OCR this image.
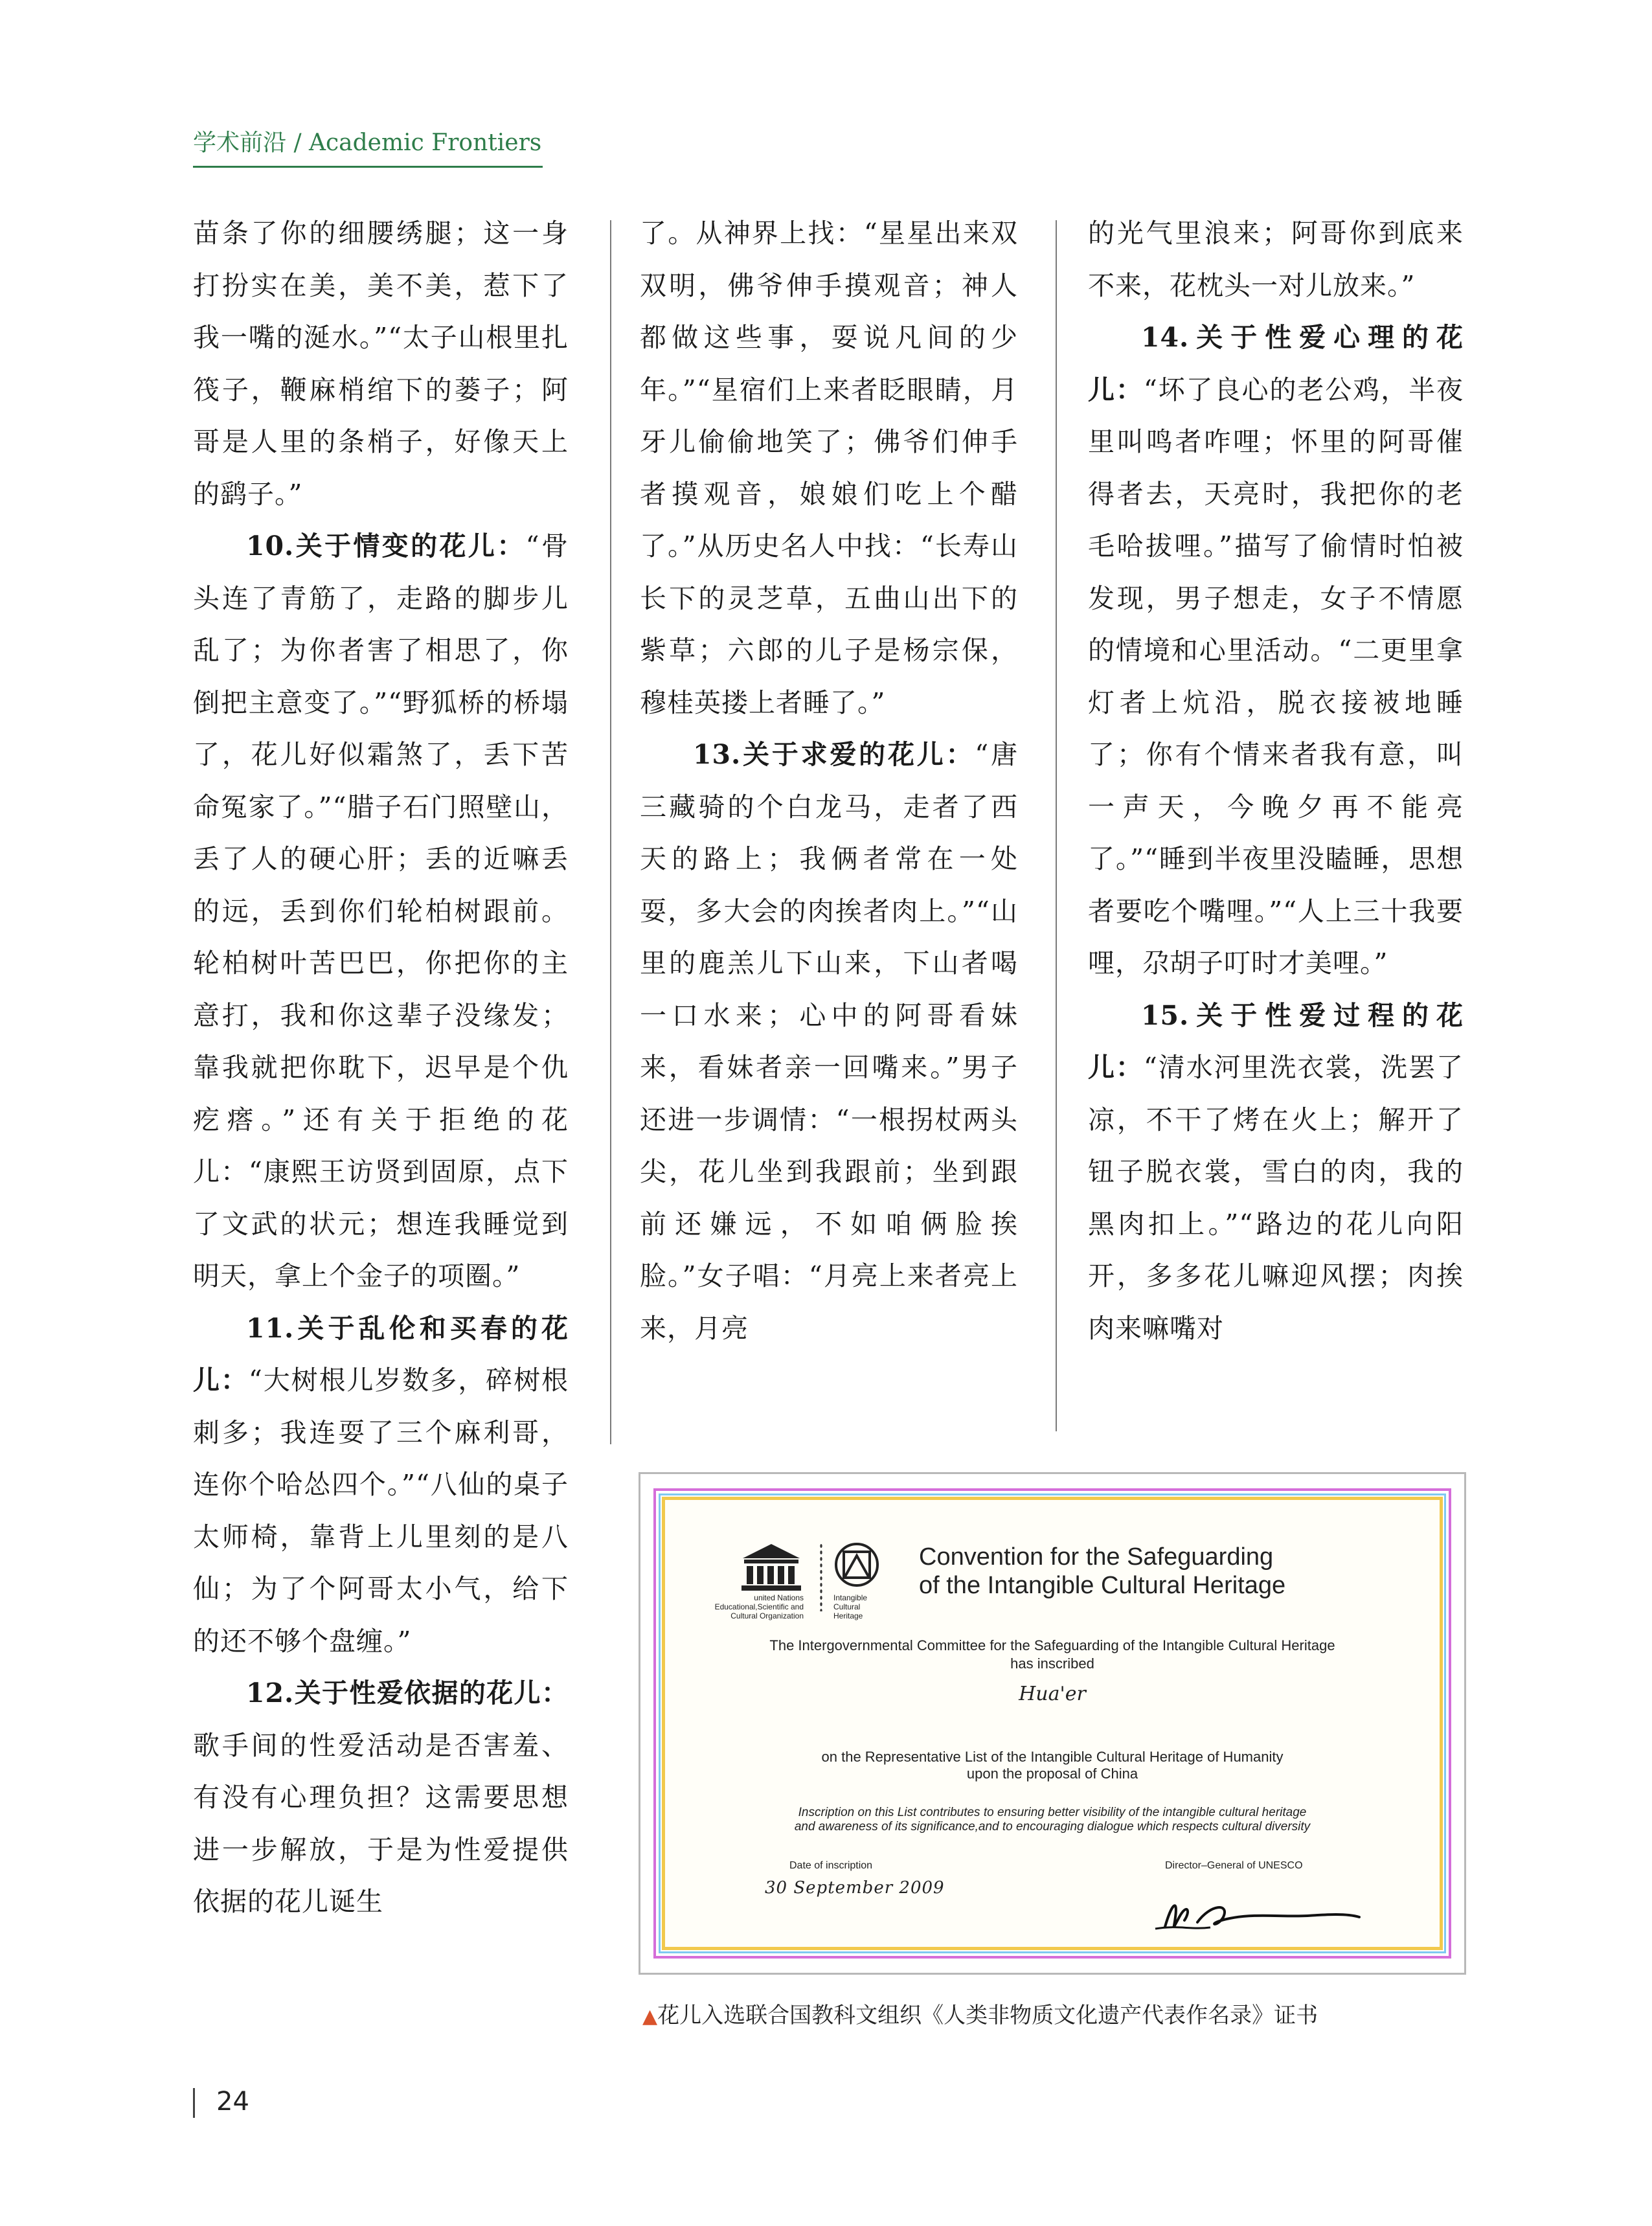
学术前沿 / Academic Frontiers

苗条了你的细腰绣腿；这一身打扮实在美，美不美，惹下了我一嘴的涎水。”“太子山根里扎筏子，鞭麻梢绾下的蒌子；阿哥是人里的条梢子，好像天上的鹞子。”

10.关于情变的花儿：“骨头连了青筋了，走路的脚步儿乱了；为你者害了相思了，你倒把主意变了。”“野狐桥的桥塌了，花儿好似霜煞了，丢下苦命冤家了。”“腊子石门照壁山，丢了人的硬心肝；丢的近嘛丢的远，丢到你们轮柏树跟前。轮柏树叶苦巴巴，你把你的主意打，我和你这辈子没缘发；靠我就把你耽下，迟早是个仇疙瘩。”还有关于拒绝的花儿：“康熙王访贤到固原，点下了文武的状元；想连我睡觉到明天，拿上个金子的项圈。”

11.关于乱伦和买春的花儿：“大树根儿岁数多，碎树根刺多；我连耍了三个麻利哥，连你个哈怂四个。”“八仙的桌子太师椅，靠背上儿里刻的是八仙；为了个阿哥太小气，给下的还不够个盘缠。”

12.关于性爱依据的花儿：歌手间的性爱活动是否害羞、有没有心理负担？这需要思想进一步解放，于是为性爱提供依据的花儿诞生

了。从神界上找：“星星出来双双明，佛爷伸手摸观音；神人都做这些事，耍说凡间的少年。”“星宿们上来者眨眼睛，月牙儿偷偷地笑了；佛爷们伸手者摸观音，娘娘们吃上个醋了。”从历史名人中找：“长寿山长下的灵芝草，五曲山出下的紫草；六郎的儿子是杨宗保，穆桂英搂上者睡了。”

13.关于求爱的花儿：“唐三藏骑的个白龙马，走者了西天的路上；我俩者常在一处耍，多大会的肉挨者肉上。”“山里的鹿羔儿下山来，下山者喝一口水来；心中的阿哥看妹来，看妹者亲一回嘴来。”男子还进一步调情：“一根拐杖两头尖，花儿坐到我跟前；坐到跟前还嫌远，不如咱俩脸挨脸。”女子唱：“月亮上来者亮上来，月亮

的光气里浪来；阿哥你到底来不来，花枕头一对儿放来。”

14.关于性爱心理的花儿：“坏了良心的老公鸡，半夜里叫鸣者咋哩；怀里的阿哥催得者去，天亮时，我把你的老毛哈拔哩。”描写了偷情时怕被发现，男子想走，女子不情愿的情境和心里活动。“二更里拿灯者上炕沿，脱衣接被地睡了；你有个情来者我有意，叫一声天，今晚夕再不能亮了。”“睡到半夜里没瞌睡，思想者要吃个嘴哩。”“人上三十我要哩，尕胡子叮时才美哩。”

15.关于性爱过程的花儿：“清水河里洗衣裳，洗罢了凉，不干了烤在火上；解开了钮子脱衣裳，雪白的肉，我的黑肉扣上。”“路边的花儿向阳开，多多花儿嘛迎风摆；肉挨肉来嘛嘴对

united Nations
Educational,Scientific and
Cultural Organization
Intangible
Cultural
Heritage
Convention for the Safeguarding
of the Intangible Cultural Heritage
The Intergovernmental Committee for the Safeguarding of the Intangible Cultural Heritage
has inscribed
Hua'er
on the Representative List of the Intangible Cultural Heritage of Humanity
upon the proposal of China
Inscription on this List contributes to ensuring better visibility of the intangible cultural heritage
and awareness of its significance,and to encouraging dialogue which respects cultural diversity
Date of inscription
30 September 2009
Director–General of UNESCO
▲花儿入选联合国教科文组织《人类非物质文化遗产代表作名录》证书
24
